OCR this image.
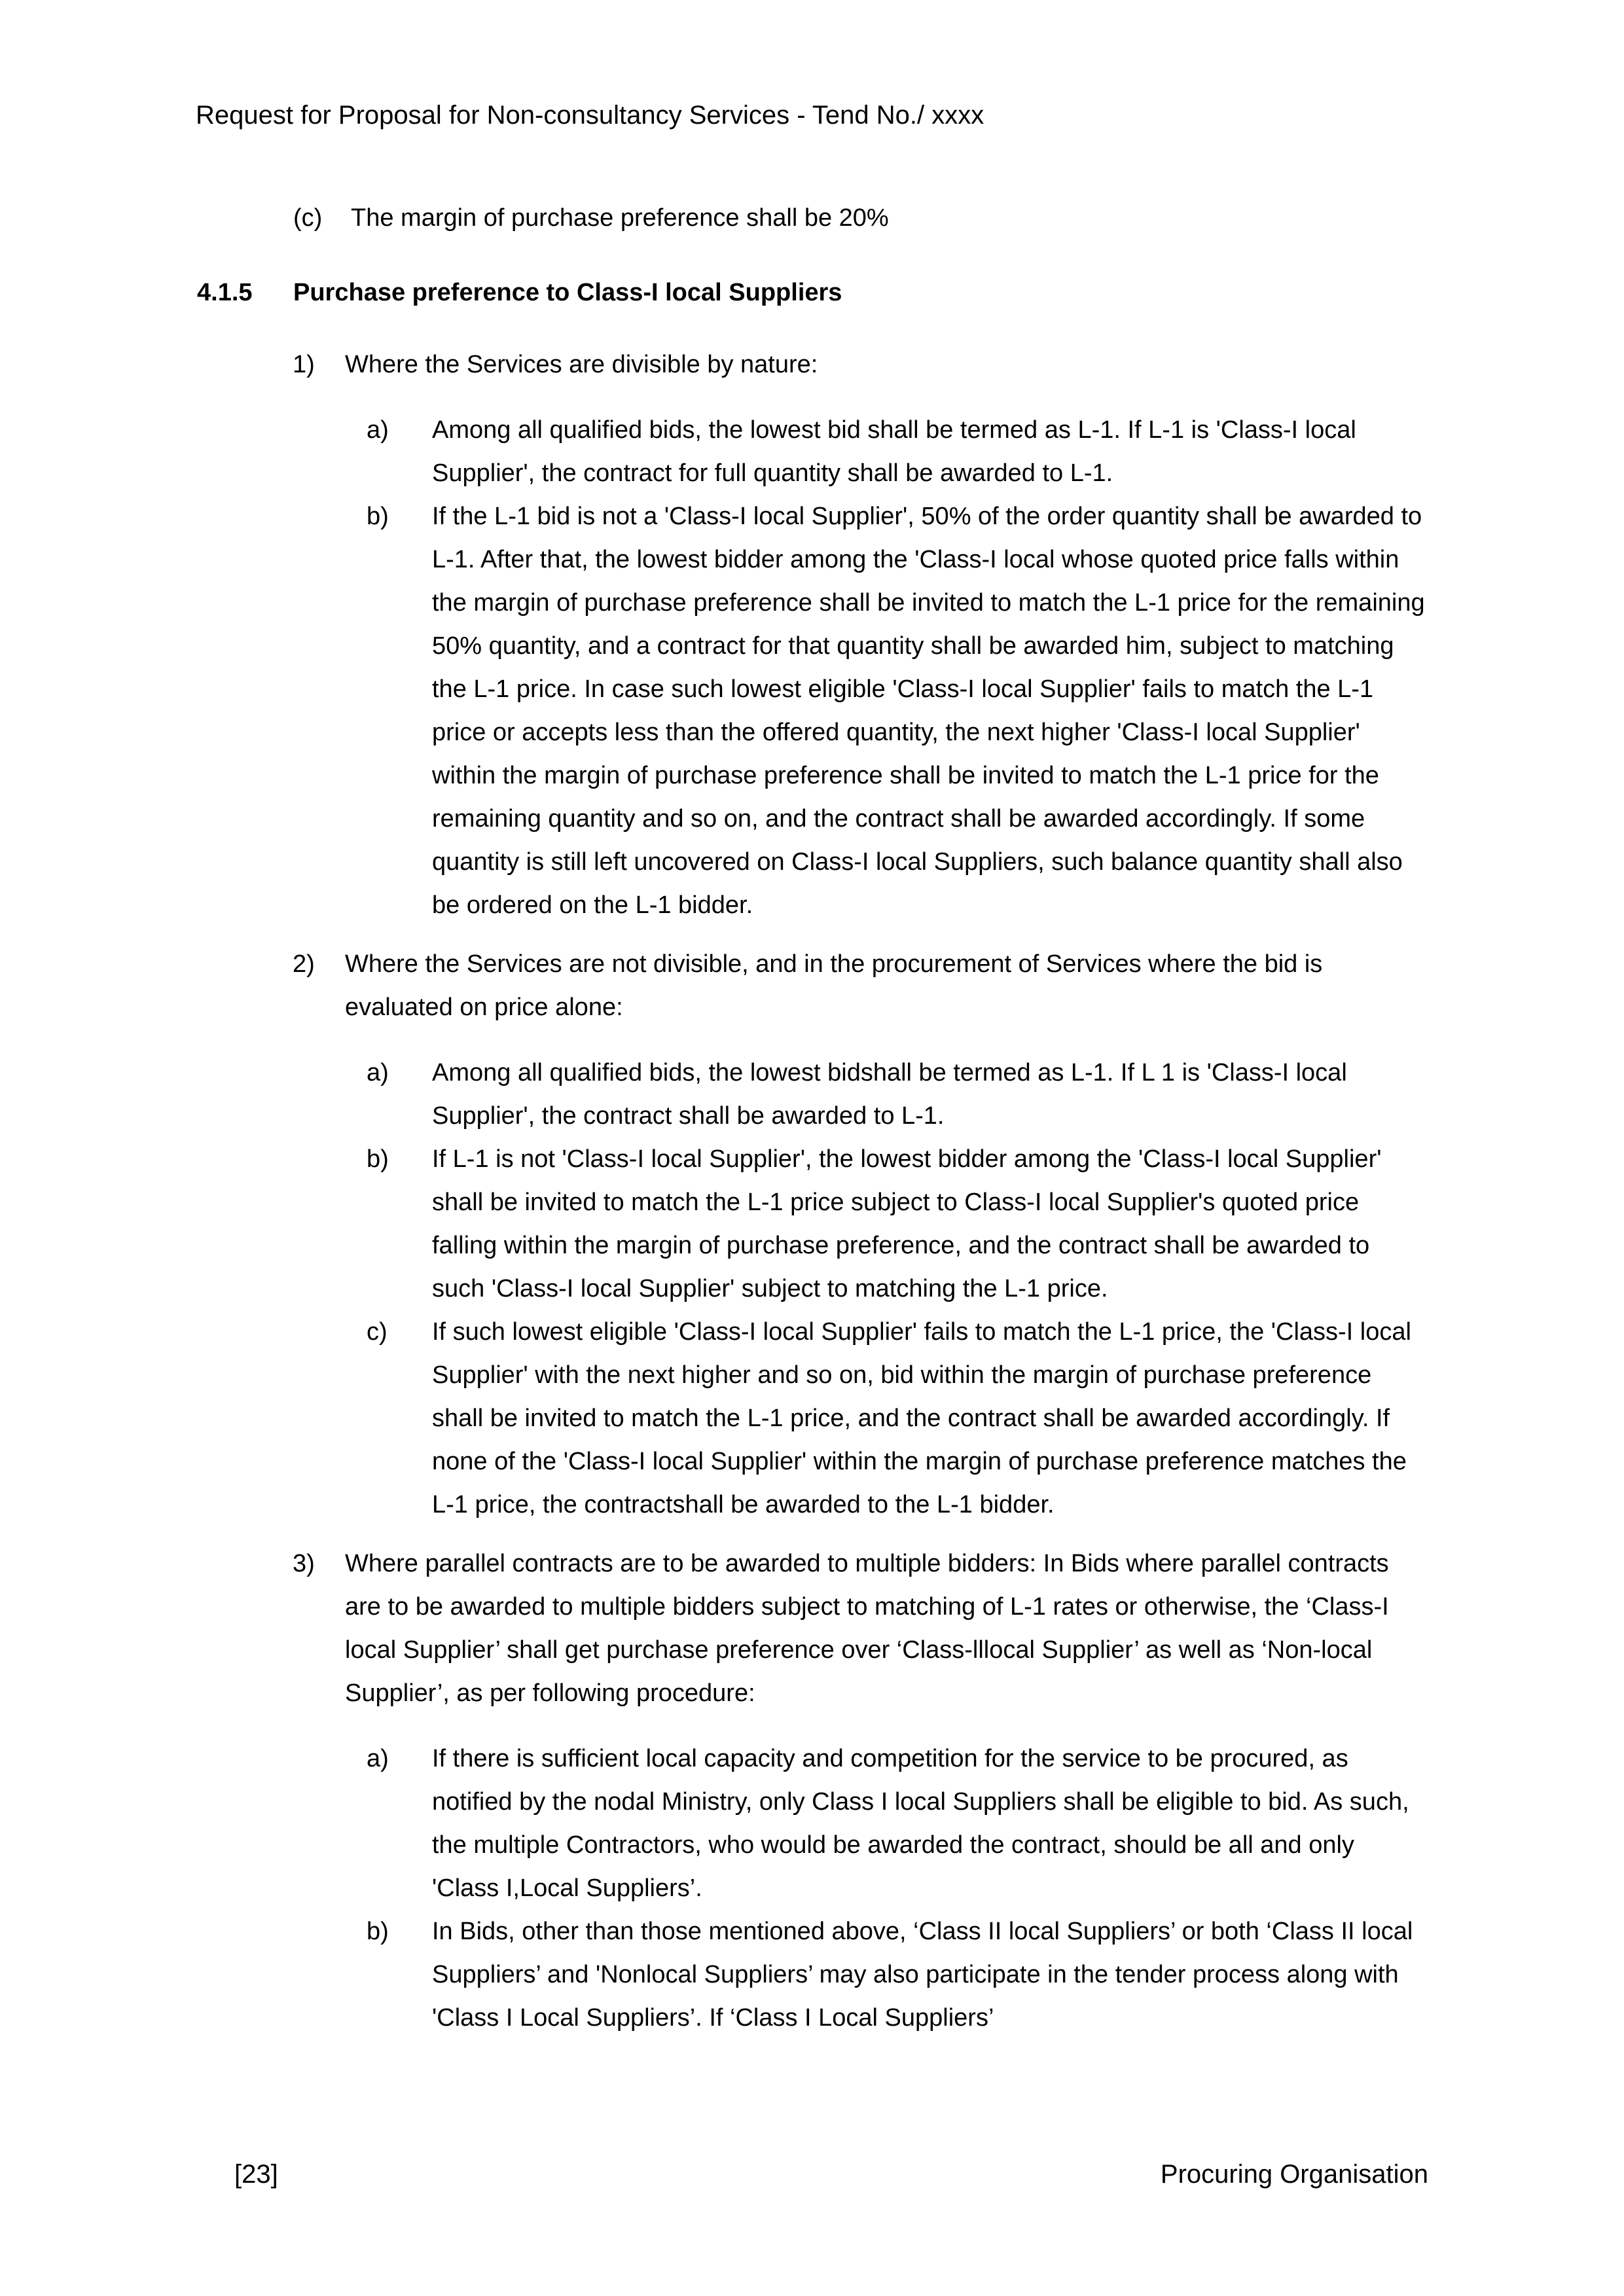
Request for Proposal for Non-consultancy Services - Tend No./ xxxx
(c)	The margin of purchase preference shall be 20%
4.1.5	Purchase preference to Class-I local Suppliers
1)	Where the Services are divisible by nature:
a)	Among all qualified bids, the lowest bid shall be termed as L-1. If L-1 is 'Class-I local Supplier', the contract for full quantity shall be awarded to L-1.
b)	If the L-1 bid is not a 'Class-I local Supplier', 50% of the order quantity shall be awarded to L-1. After that, the lowest bidder among the 'Class-I local whose quoted price falls within the margin of purchase preference shall be invited to match the L-1 price for the remaining 50% quantity, and a contract for that quantity shall be awarded him, subject to matching the L-1 price. In case such lowest eligible 'Class-I local Supplier' fails to match the L-1 price or accepts less than the offered quantity, the next higher 'Class-I local Supplier' within the margin of purchase preference shall be invited to match the L-1 price for the remaining quantity and so on, and the contract shall be awarded accordingly. If some quantity is still left uncovered on Class-I local Suppliers, such balance quantity shall also be ordered on the L-1 bidder.
2)	Where the Services are not divisible, and in the procurement of Services where the bid is evaluated on price alone:
a)	Among all qualified bids, the lowest bidshall be termed as L-1. If L 1 is 'Class-I local Supplier', the contract shall be awarded to L-1.
b)	If L-1 is not 'Class-I local Supplier', the lowest bidder among the 'Class-I local Supplier' shall be invited to match the L-1 price subject to Class-I local Supplier's quoted price falling within the margin of purchase preference, and the contract shall be awarded to such 'Class-I local Supplier' subject to matching the L-1 price.
c)	If such lowest eligible 'Class-I local Supplier' fails to match the L-1 price, the 'Class-I local Supplier' with the next higher and so on, bid within the margin of purchase preference shall be invited to match the L-1 price, and the contract shall be awarded accordingly. If none of the 'Class-I local Supplier' within the margin of purchase preference matches the L-1 price, the contractshall be awarded to the L-1 bidder.
3)	Where parallel contracts are to be awarded to multiple bidders: In Bids where parallel contracts are to be awarded to multiple bidders subject to matching of L-1 rates or otherwise, the ‘Class-I local Supplier’ shall get purchase preference over ‘Class-lllocal Supplier’ as well as ‘Non-local Supplier’, as per following procedure:
a)	If there is sufficient local capacity and competition for the service to be procured, as notified by the nodal Ministry, only Class I local Suppliers shall be eligible to bid. As such, the multiple Contractors, who would be awarded the contract, should be all and only 'Class I,Local Suppliers’.
b)	In Bids, other than those mentioned above, ‘Class II local Suppliers’ or both ‘Class II local Suppliers’ and 'Nonlocal Suppliers’ may also participate in the tender process along with 'Class I Local Suppliers’. If ‘Class I Local Suppliers’
[23]	Procuring Organisation
